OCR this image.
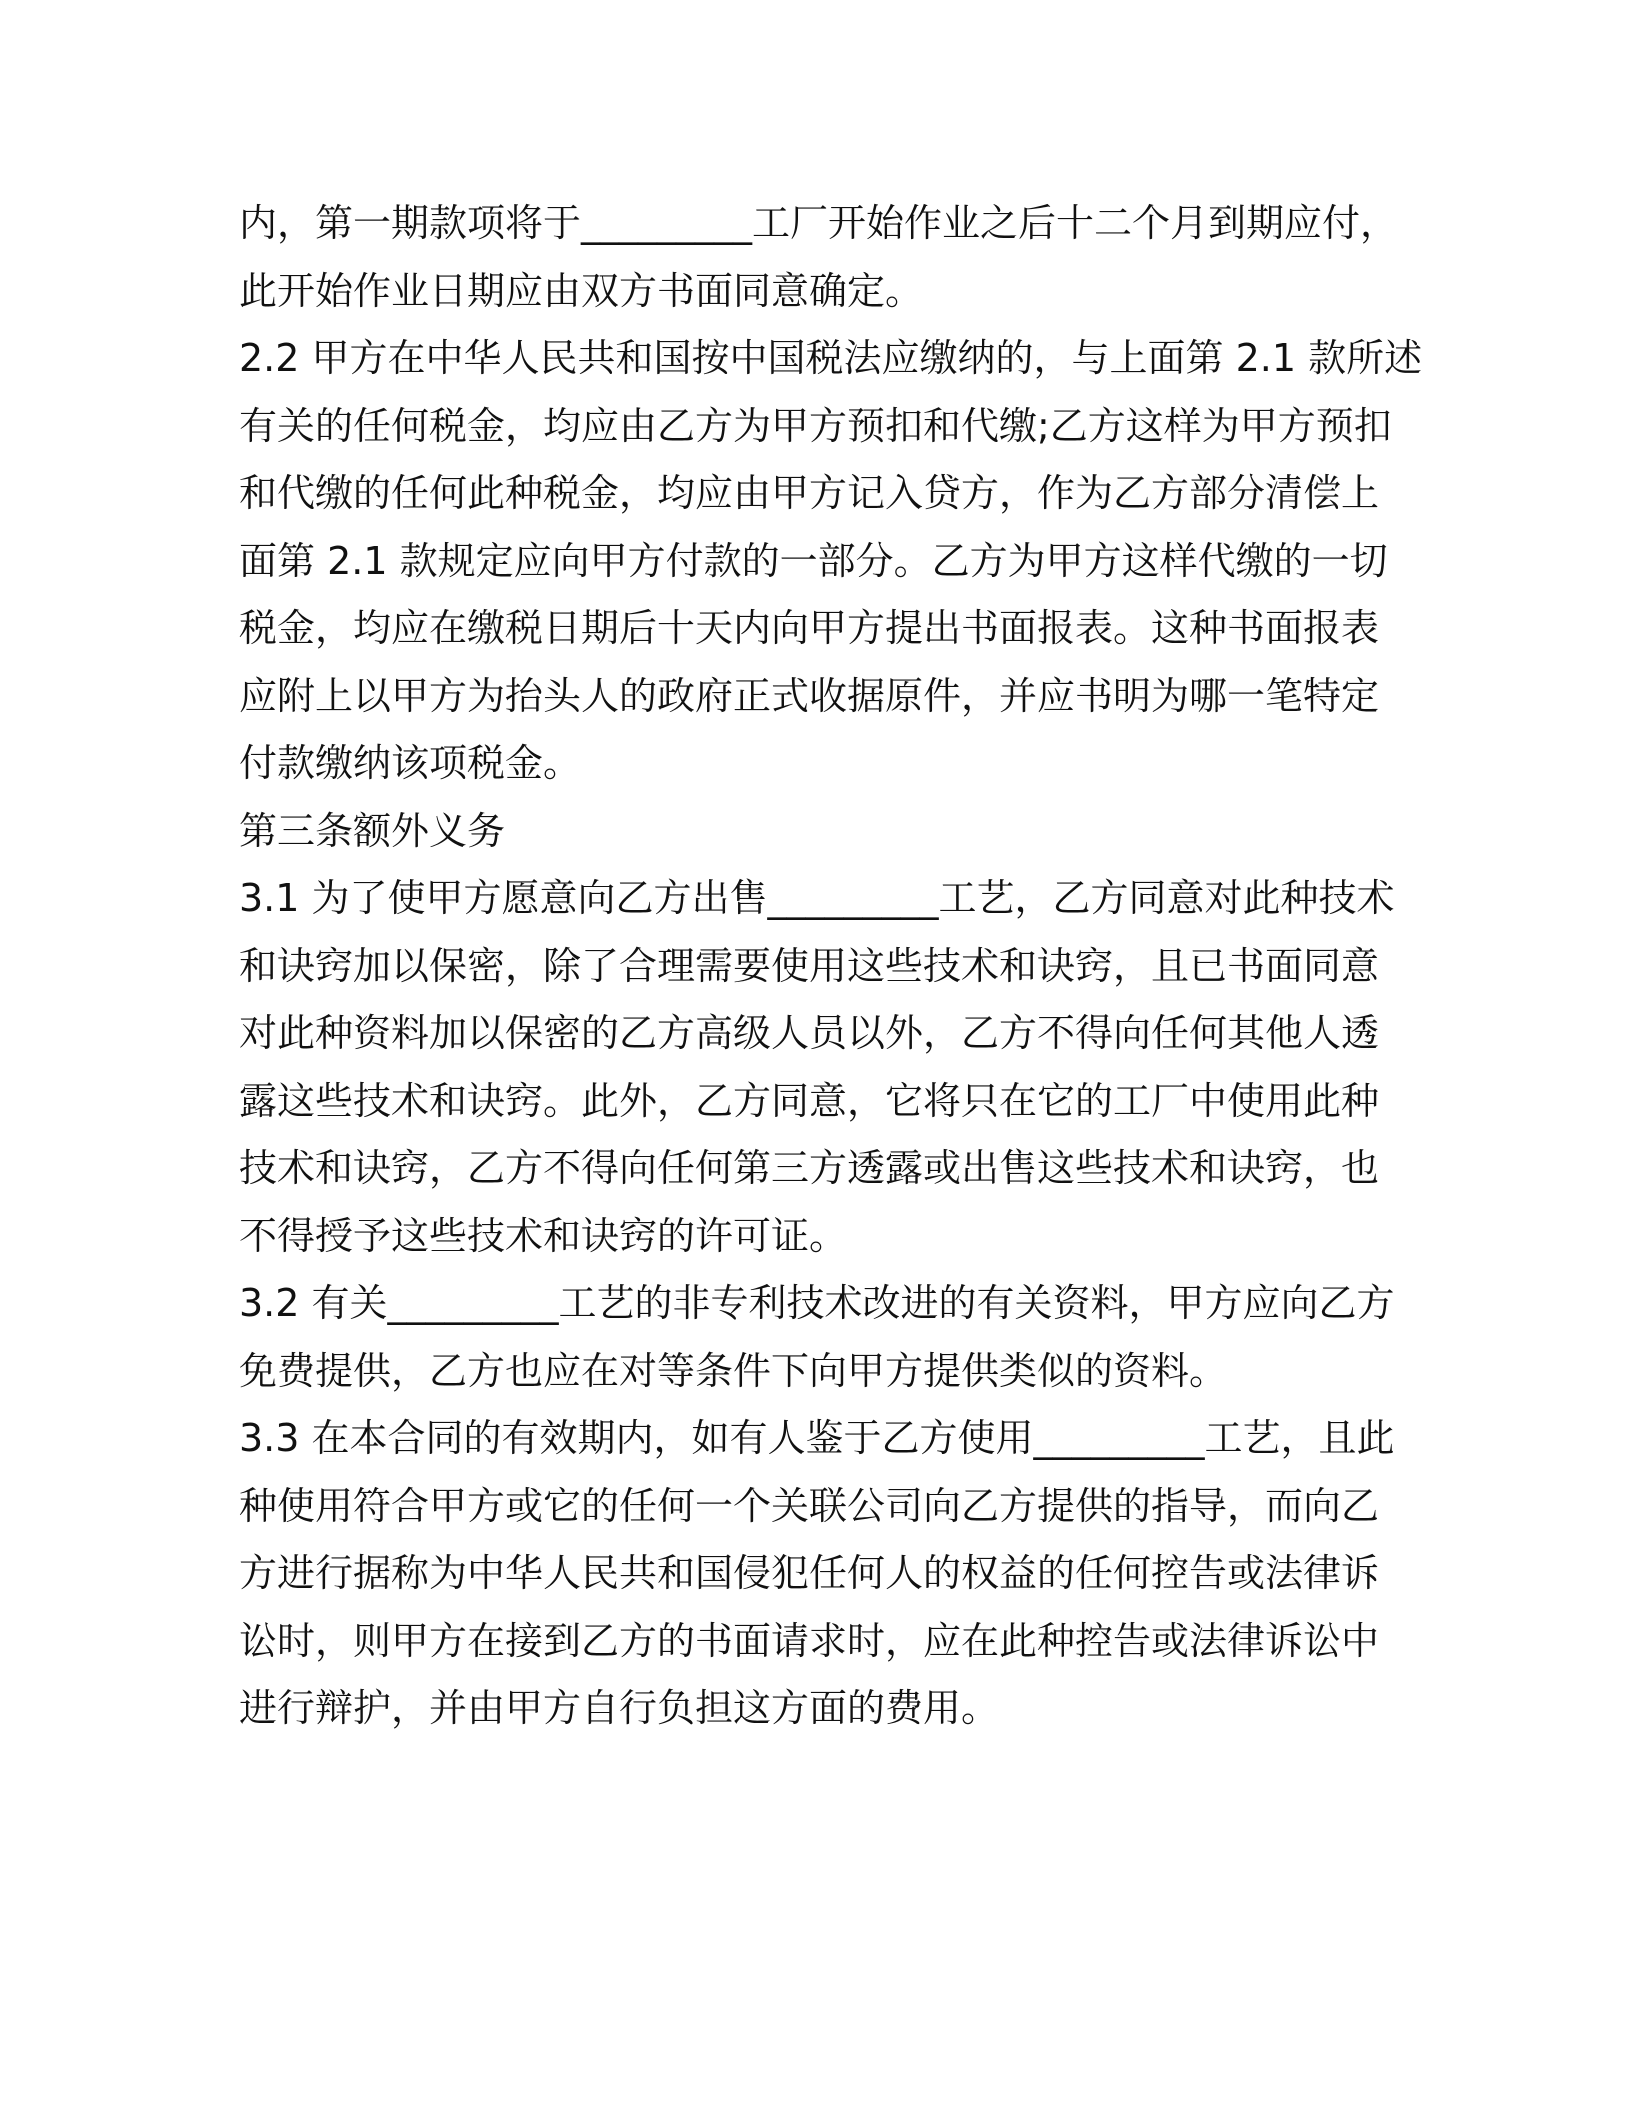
内，第一期款项将于_________工厂开始作业之后十二个月到期应付，
此开始作业日期应由双方书面同意确定。
2.2 甲方在中华人民共和国按中国税法应缴纳的，与上面第 2.1 款所述
有关的任何税金，均应由乙方为甲方预扣和代缴;乙方这样为甲方预扣
和代缴的任何此种税金，均应由甲方记入贷方，作为乙方部分清偿上
面第 2.1 款规定应向甲方付款的一部分。乙方为甲方这样代缴的一切
税金，均应在缴税日期后十天内向甲方提出书面报表。这种书面报表
应附上以甲方为抬头人的政府正式收据原件，并应书明为哪一笔特定
付款缴纳该项税金。
第三条额外义务
3.1 为了使甲方愿意向乙方出售_________工艺，乙方同意对此种技术
和诀窍加以保密，除了合理需要使用这些技术和诀窍，且已书面同意
对此种资料加以保密的乙方高级人员以外，乙方不得向任何其他人透
露这些技术和诀窍。此外，乙方同意，它将只在它的工厂中使用此种
技术和诀窍，乙方不得向任何第三方透露或出售这些技术和诀窍，也
不得授予这些技术和诀窍的许可证。
3.2 有关_________工艺的非专利技术改进的有关资料，甲方应向乙方
免费提供，乙方也应在对等条件下向甲方提供类似的资料。
3.3 在本合同的有效期内，如有人鉴于乙方使用_________工艺，且此
种使用符合甲方或它的任何一个关联公司向乙方提供的指导，而向乙
方进行据称为中华人民共和国侵犯任何人的权益的任何控告或法律诉
讼时，则甲方在接到乙方的书面请求时，应在此种控告或法律诉讼中
进行辩护，并由甲方自行负担这方面的费用。
